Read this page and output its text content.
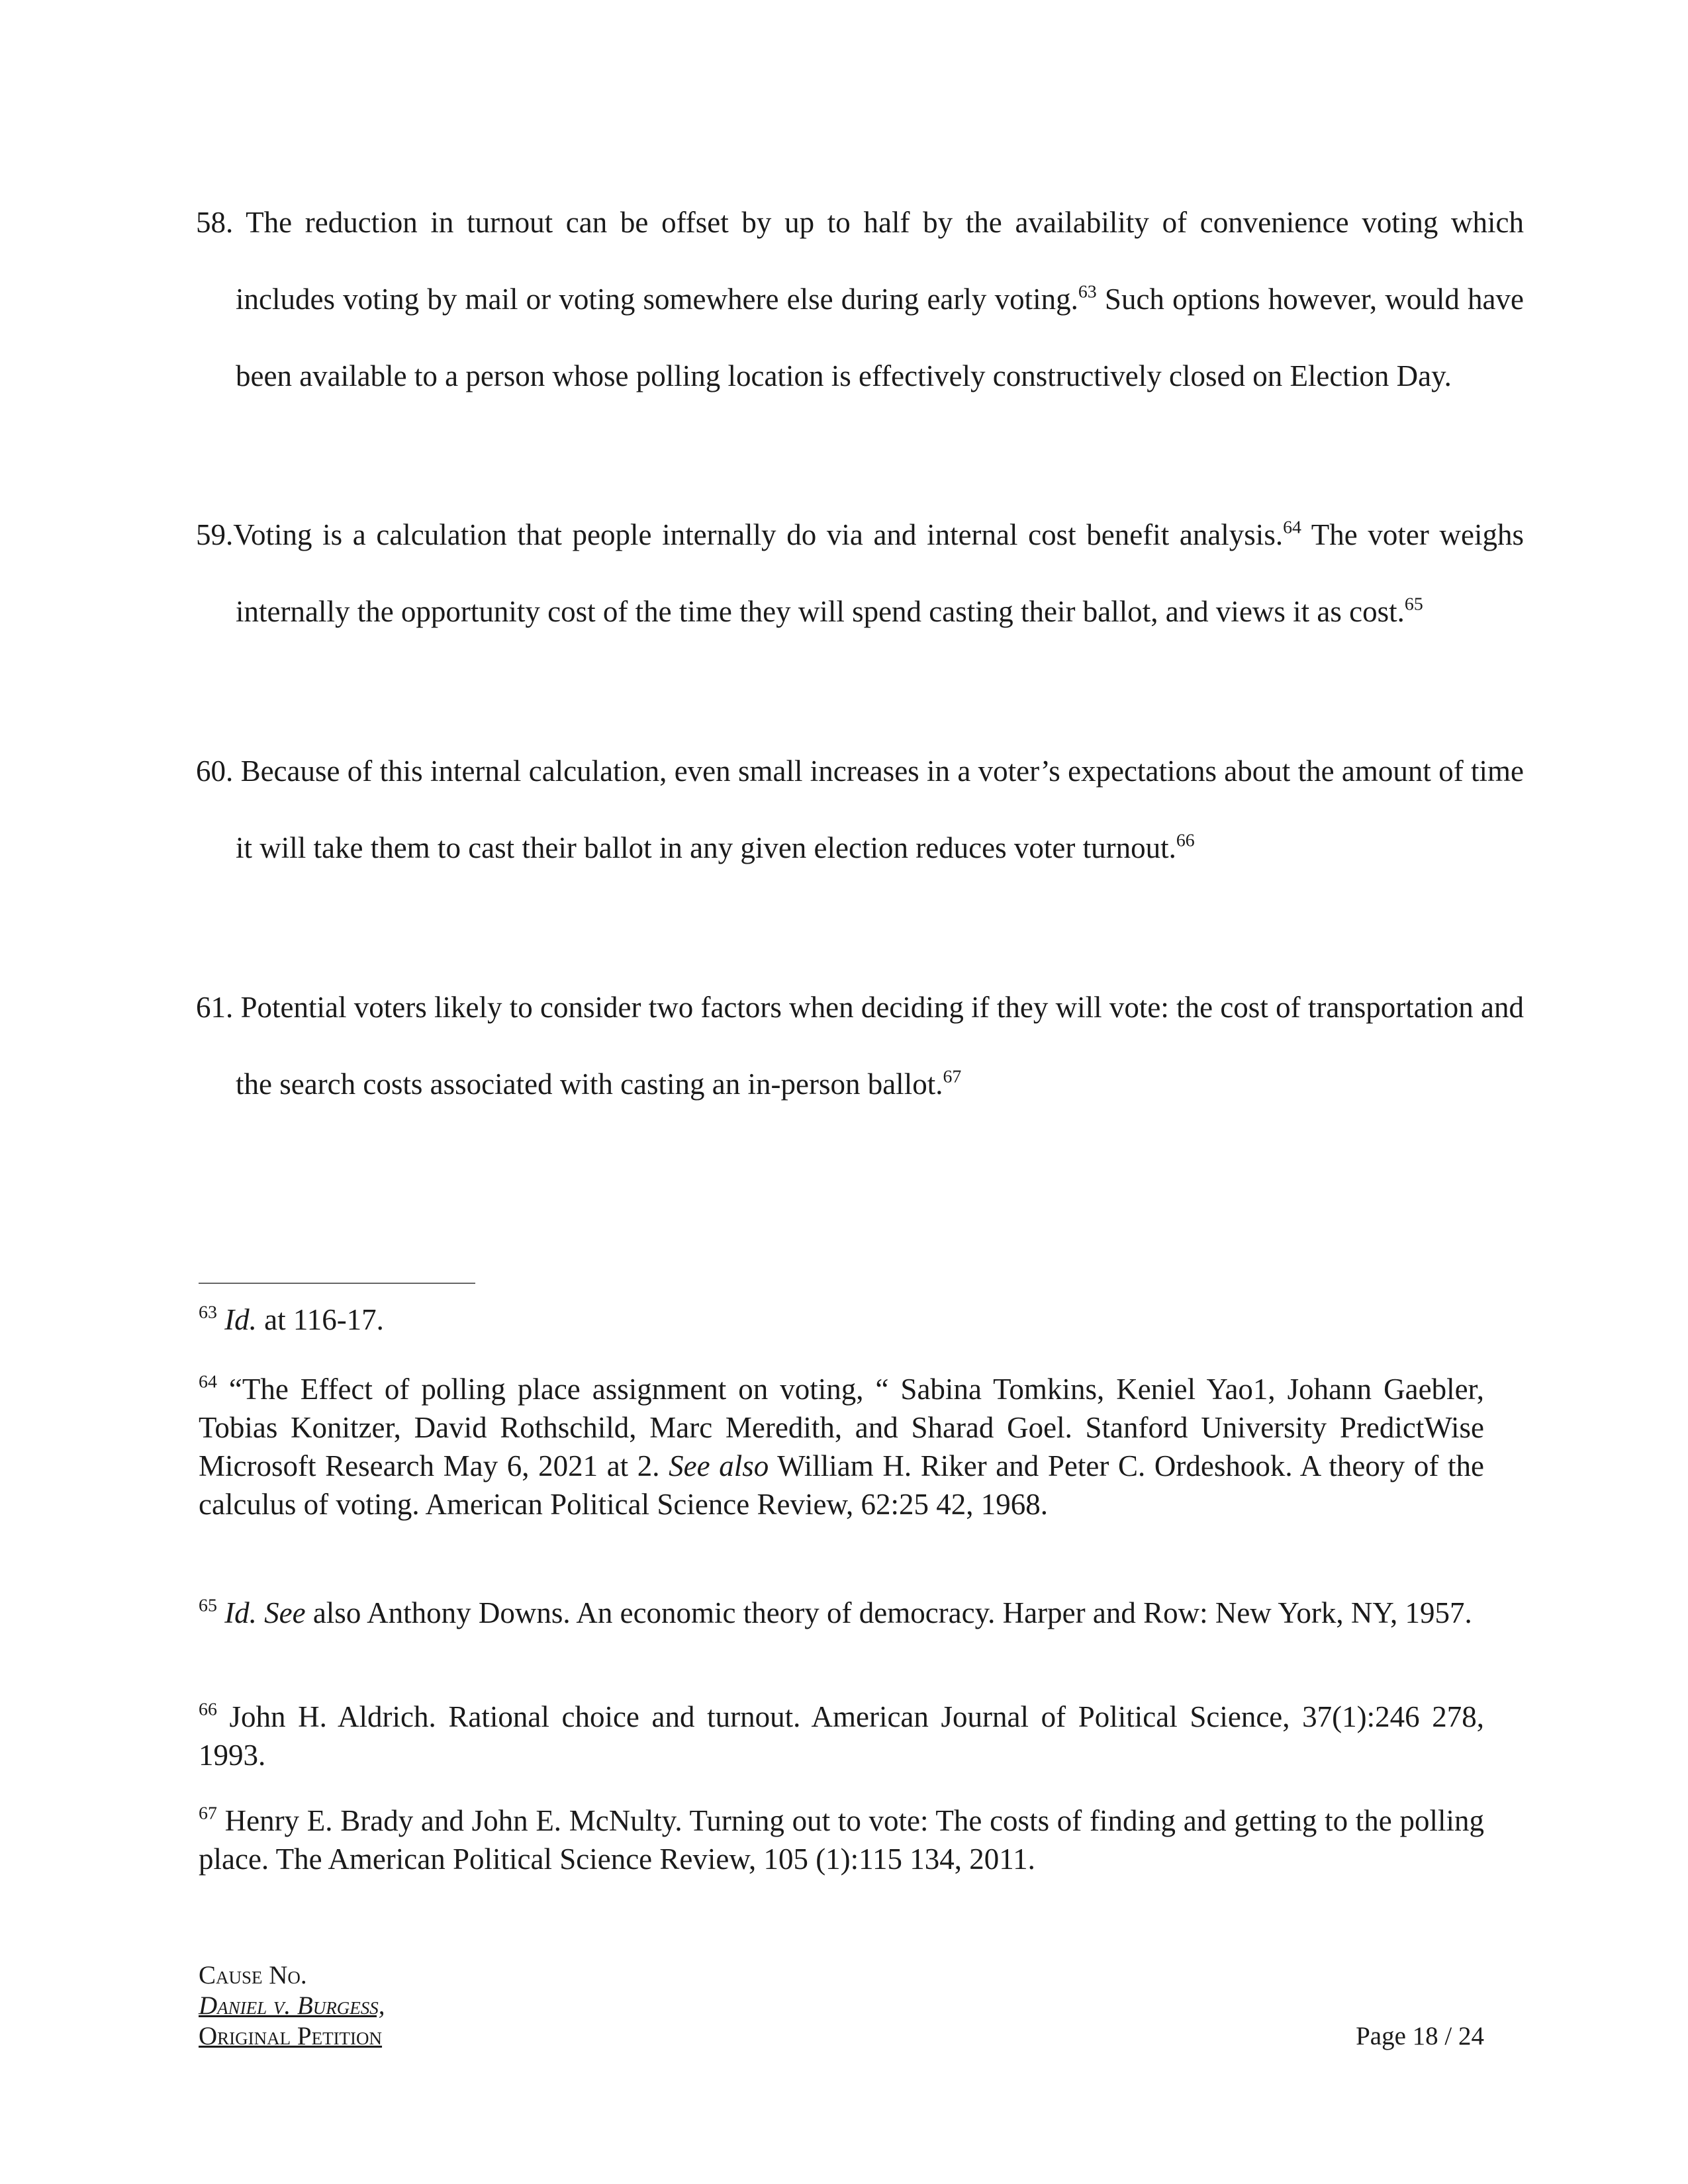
58. The reduction in turnout can be offset by up to half by the availability of convenience voting which includes voting by mail or voting somewhere else during early voting.$^{63}$ Such options however, would have been available to a person whose polling location is effectively constructively closed on Election Day.

59.Voting is a calculation that people internally do via and internal cost benefit analysis.$^{64}$ The voter weighs internally the opportunity cost of the time they will spend casting their ballot, and views it as cost.$^{65}$

60. Because of this internal calculation, even small increases in a voter’s expectations about the amount of time it will take them to cast their ballot in any given election reduces voter turnout.$^{66}$

61. Potential voters likely to consider two factors when deciding if they will vote: the cost of transportation and the search costs associated with casting an in-person ballot.$^{67}$

$^{63}$ Id. at 116-17.

$^{64}$ “The Effect of polling place assignment on voting, “ Sabina Tomkins, Keniel Yao1, Johann Gaebler, Tobias Konitzer, David Rothschild, Marc Meredith, and Sharad Goel. Stanford University PredictWise Microsoft Research May 6, 2021 at 2. See also William H. Riker and Peter C. Ordeshook. A theory of the calculus of voting. American Political Science Review, 62:25 42, 1968.

$^{65}$ Id. See also Anthony Downs. An economic theory of democracy. Harper and Row: New York, NY, 1957.

$^{66}$ John H. Aldrich. Rational choice and turnout. American Journal of Political Science, 37(1):246 278, 1993.

$^{67}$ Henry E. Brady and John E. McNulty. Turning out to vote: The costs of finding and getting to the polling place. The American Political Science Review, 105 (1):115 134, 2011.

Cause No.
Daniel v. Burgess,
Original Petition	Page 18 / 24
